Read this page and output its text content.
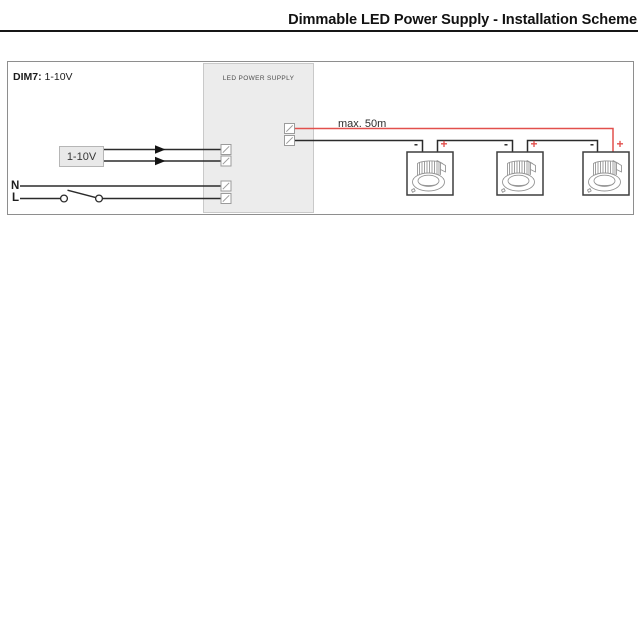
Dimmable LED Power Supply - Installation Scheme
DIM7: 1-10V	LED POWER SUPPLY
1-10V
N
L
max. 50m
- +	- +	- +
